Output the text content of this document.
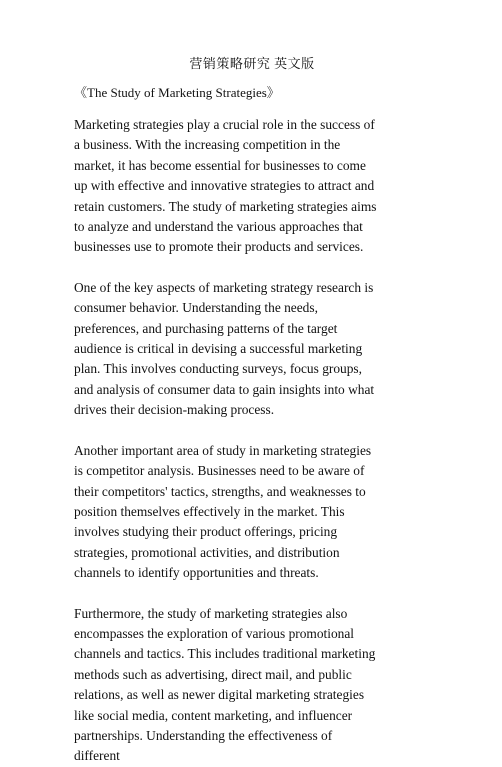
营销策略研究 英文版
《The Study of Marketing Strategies》

Marketing strategies play a crucial role in the success of a business. With the increasing competition in the market, it has become essential for businesses to come up with effective and innovative strategies to attract and retain customers. The study of marketing strategies aims to analyze and understand the various approaches that businesses use to promote their products and services.

One of the key aspects of marketing strategy research is consumer behavior. Understanding the needs, preferences, and purchasing patterns of the target audience is critical in devising a successful marketing plan. This involves conducting surveys, focus groups, and analysis of consumer data to gain insights into what drives their decision-making process.

Another important area of study in marketing strategies is competitor analysis. Businesses need to be aware of their competitors' tactics, strengths, and weaknesses to position themselves effectively in the market. This involves studying their product offerings, pricing strategies, promotional activities, and distribution channels to identify opportunities and threats.

Furthermore, the study of marketing strategies also encompasses the exploration of various promotional channels and tactics. This includes traditional marketing methods such as advertising, direct mail, and public relations, as well as newer digital marketing strategies like social media, content marketing, and influencer partnerships. Understanding the effectiveness of different
